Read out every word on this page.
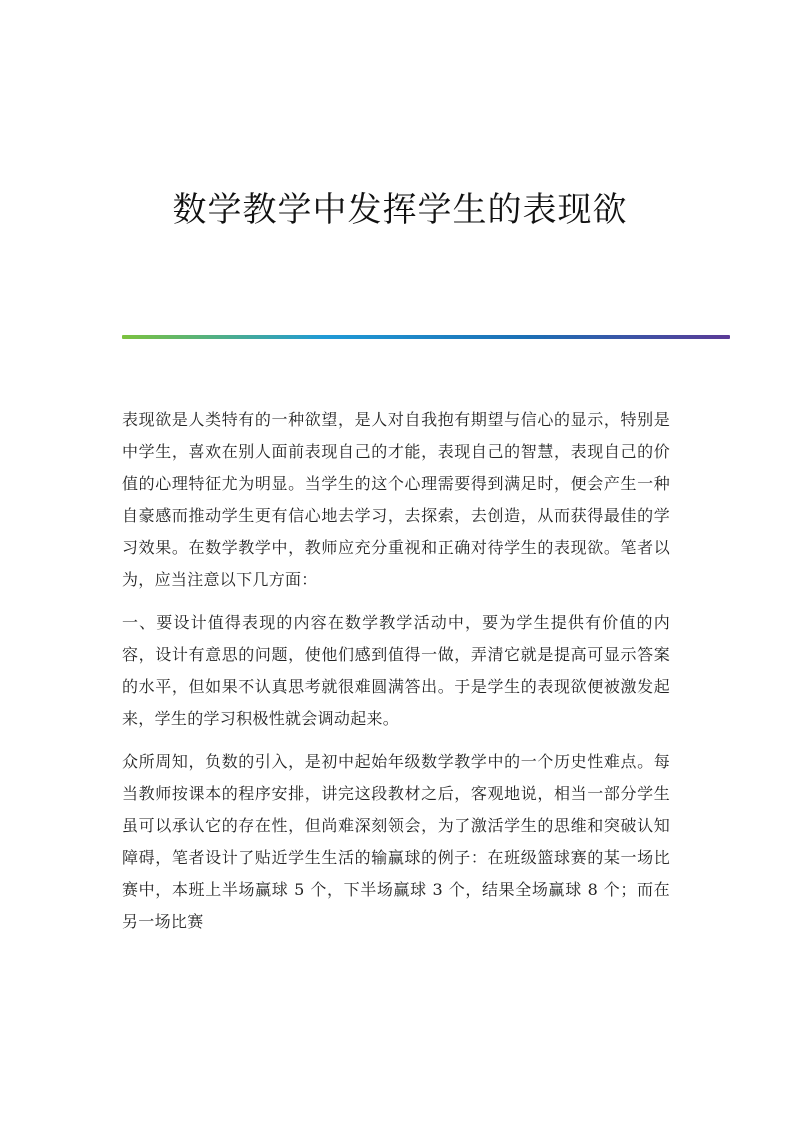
数学教学中发挥学生的表现欲

表现欲是人类特有的一种欲望，是人对自我抱有期望与信心的显示，特别是中学生，喜欢在别人面前表现自己的才能，表现自己的智慧，表现自己的价值的心理特征尤为明显。当学生的这个心理需要得到满足时，便会产生一种自豪感而推动学生更有信心地去学习，去探索，去创造，从而获得最佳的学习效果。在数学教学中，教师应充分重视和正确对待学生的表现欲。笔者以为，应当注意以下几方面：

一、要设计值得表现的内容在数学教学活动中，要为学生提供有价值的内容，设计有意思的问题，使他们感到值得一做，弄清它就是提高可显示答案的水平，但如果不认真思考就很难圆满答出。于是学生的表现欲便被激发起来，学生的学习积极性就会调动起来。

众所周知，负数的引入，是初中起始年级数学教学中的一个历史性难点。每当教师按课本的程序安排，讲完这段教材之后，客观地说，相当一部分学生虽可以承认它的存在性，但尚难深刻领会，为了激活学生的思维和突破认知障碍，笔者设计了贴近学生生活的输赢球的例子：在班级篮球赛的某一场比赛中，本班上半场赢球 5 个，下半场赢球 3 个，结果全场赢球 8 个；而在另一场比赛
